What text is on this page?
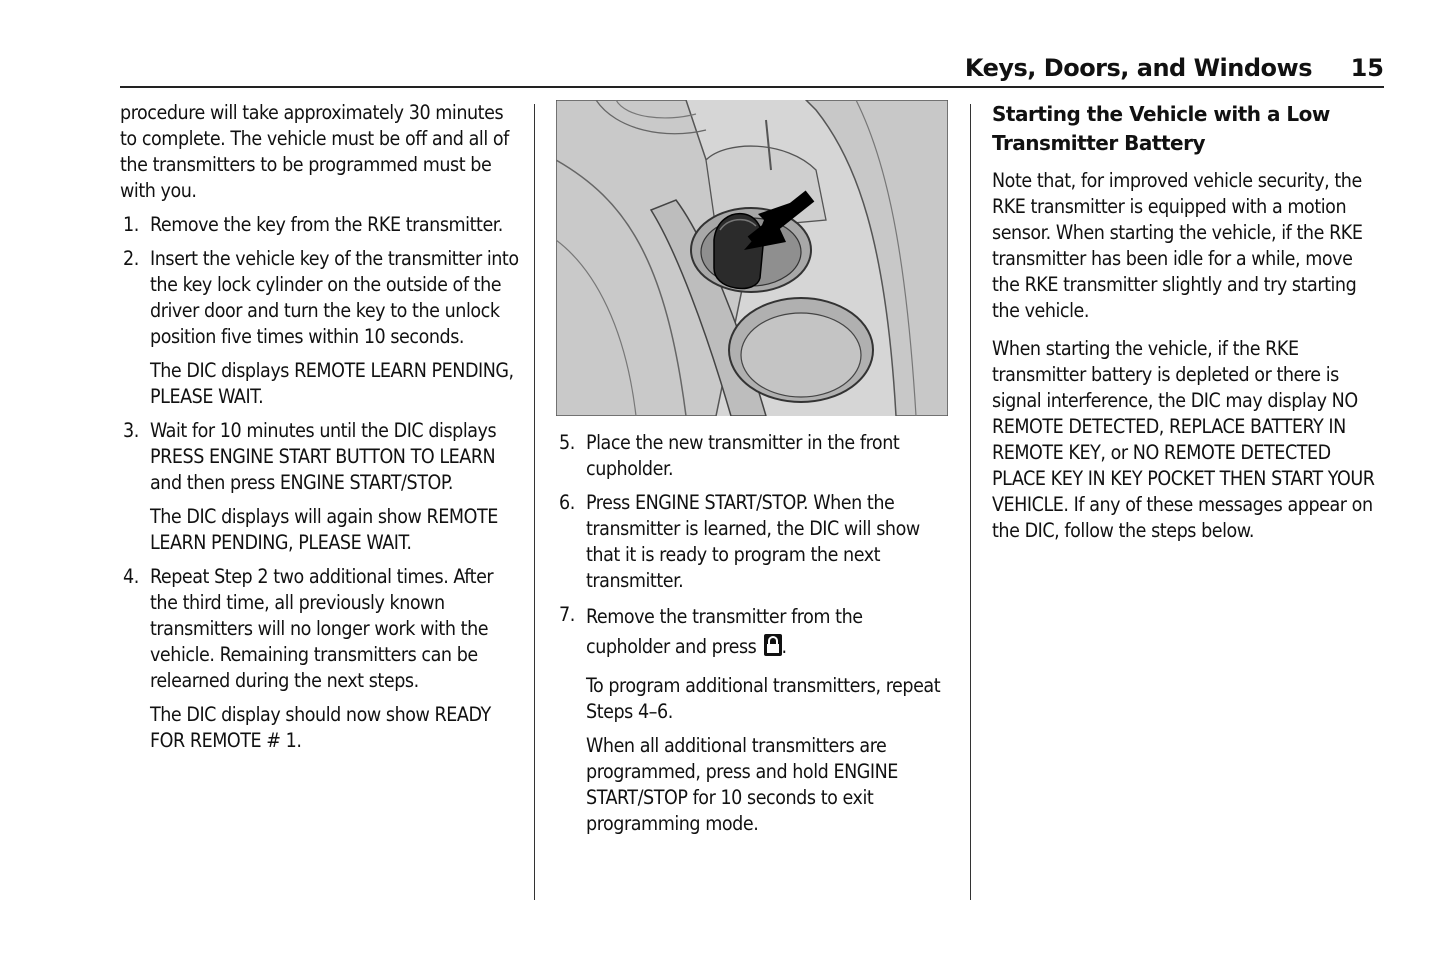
Keys, Doors, and Windows 15

procedure will take approximately 30 minutes to complete. The vehicle must be off and all of the transmitters to be programmed must be with you.

1. Remove the key from the RKE transmitter.

2. Insert the vehicle key of the transmitter into the key lock cylinder on the outside of the driver door and turn the key to the unlock position five times within 10 seconds.

The DIC displays REMOTE LEARN PENDING, PLEASE WAIT.

3. Wait for 10 minutes until the DIC displays PRESS ENGINE START BUTTON TO LEARN and then press ENGINE START/STOP.

The DIC displays will again show REMOTE LEARN PENDING, PLEASE WAIT.

4. Repeat Step 2 two additional times. After the third time, all previously known transmitters will no longer work with the vehicle. Remaining transmitters can be relearned during the next steps.

The DIC display should now show READY FOR REMOTE # 1.

5. Place the new transmitter in the front cupholder.

6. Press ENGINE START/STOP. When the transmitter is learned, the DIC will show that it is ready to program the next transmitter.

7. Remove the transmitter from the cupholder and press .

To program additional transmitters, repeat Steps 4–6.

When all additional transmitters are programmed, press and hold ENGINE START/STOP for 10 seconds to exit programming mode.

Starting the Vehicle with a Low Transmitter Battery

Note that, for improved vehicle security, the RKE transmitter is equipped with a motion sensor. When starting the vehicle, if the RKE transmitter has been idle for a while, move the RKE transmitter slightly and try starting the vehicle.

When starting the vehicle, if the RKE transmitter battery is depleted or there is signal interference, the DIC may display NO REMOTE DETECTED, REPLACE BATTERY IN REMOTE KEY, or NO REMOTE DETECTED PLACE KEY IN KEY POCKET THEN START YOUR VEHICLE. If any of these messages appear on the DIC, follow the steps below.
